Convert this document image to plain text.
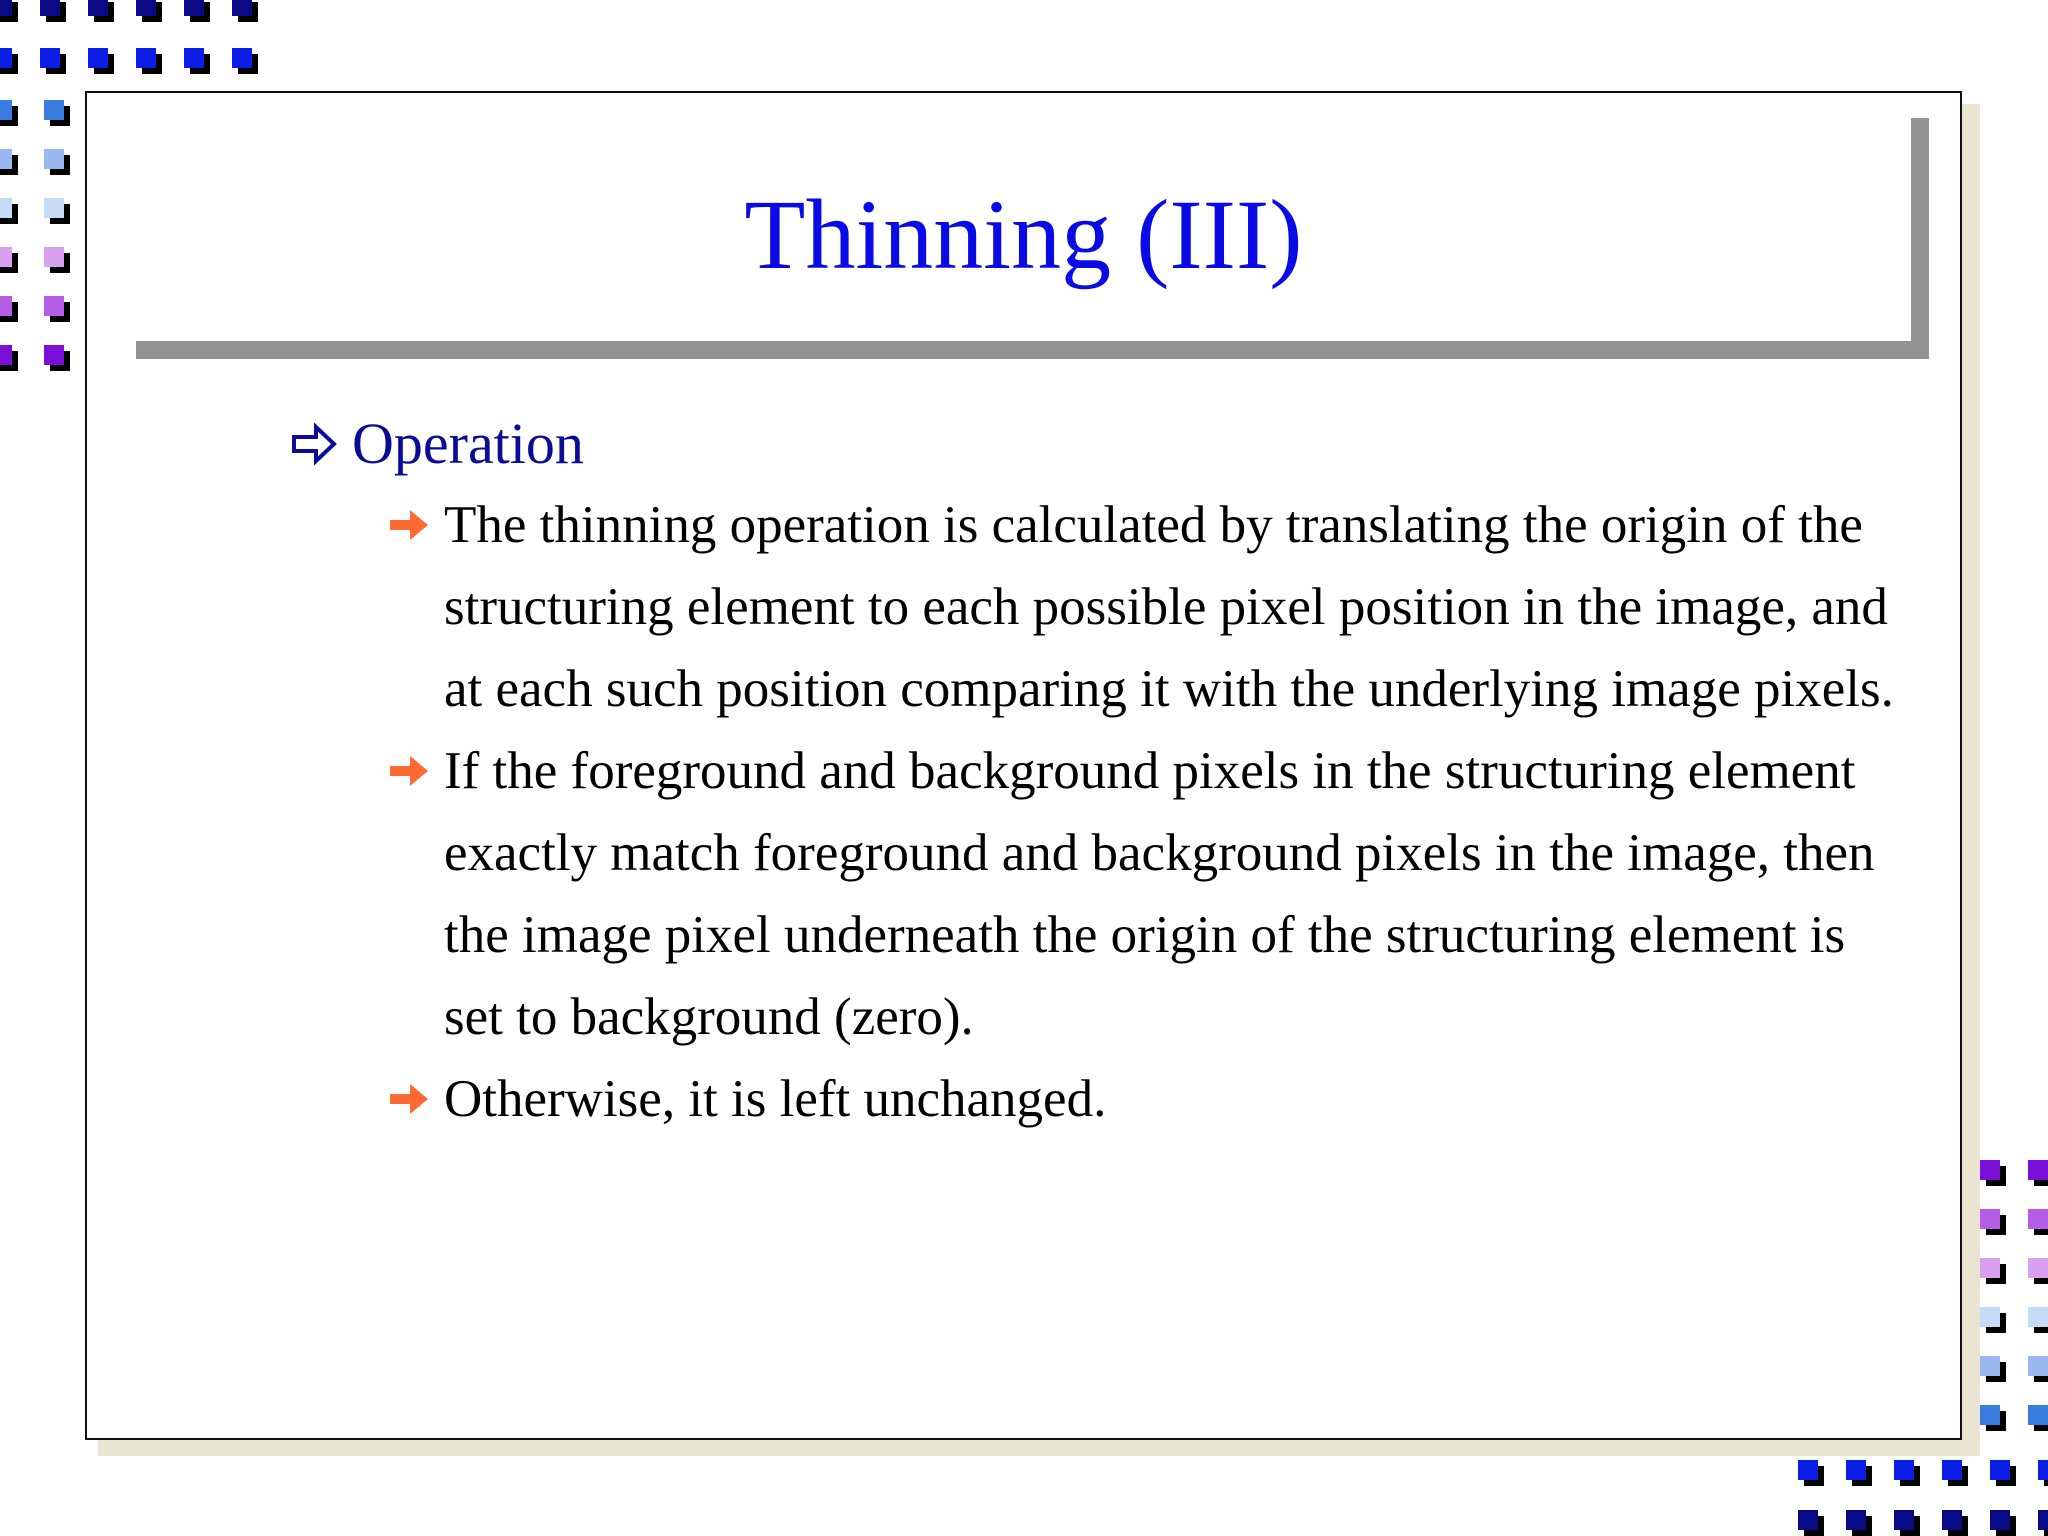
Thinning (III)
Operation
The thinning operation is calculated by translating the origin of the structuring element to each possible pixel position in the image, and at each such position comparing it with the underlying image pixels.
If the foreground and background pixels in the structuring element exactly match foreground and background pixels in the image, then the image pixel underneath the origin of the structuring element is set to background (zero).
Otherwise, it is left unchanged.
